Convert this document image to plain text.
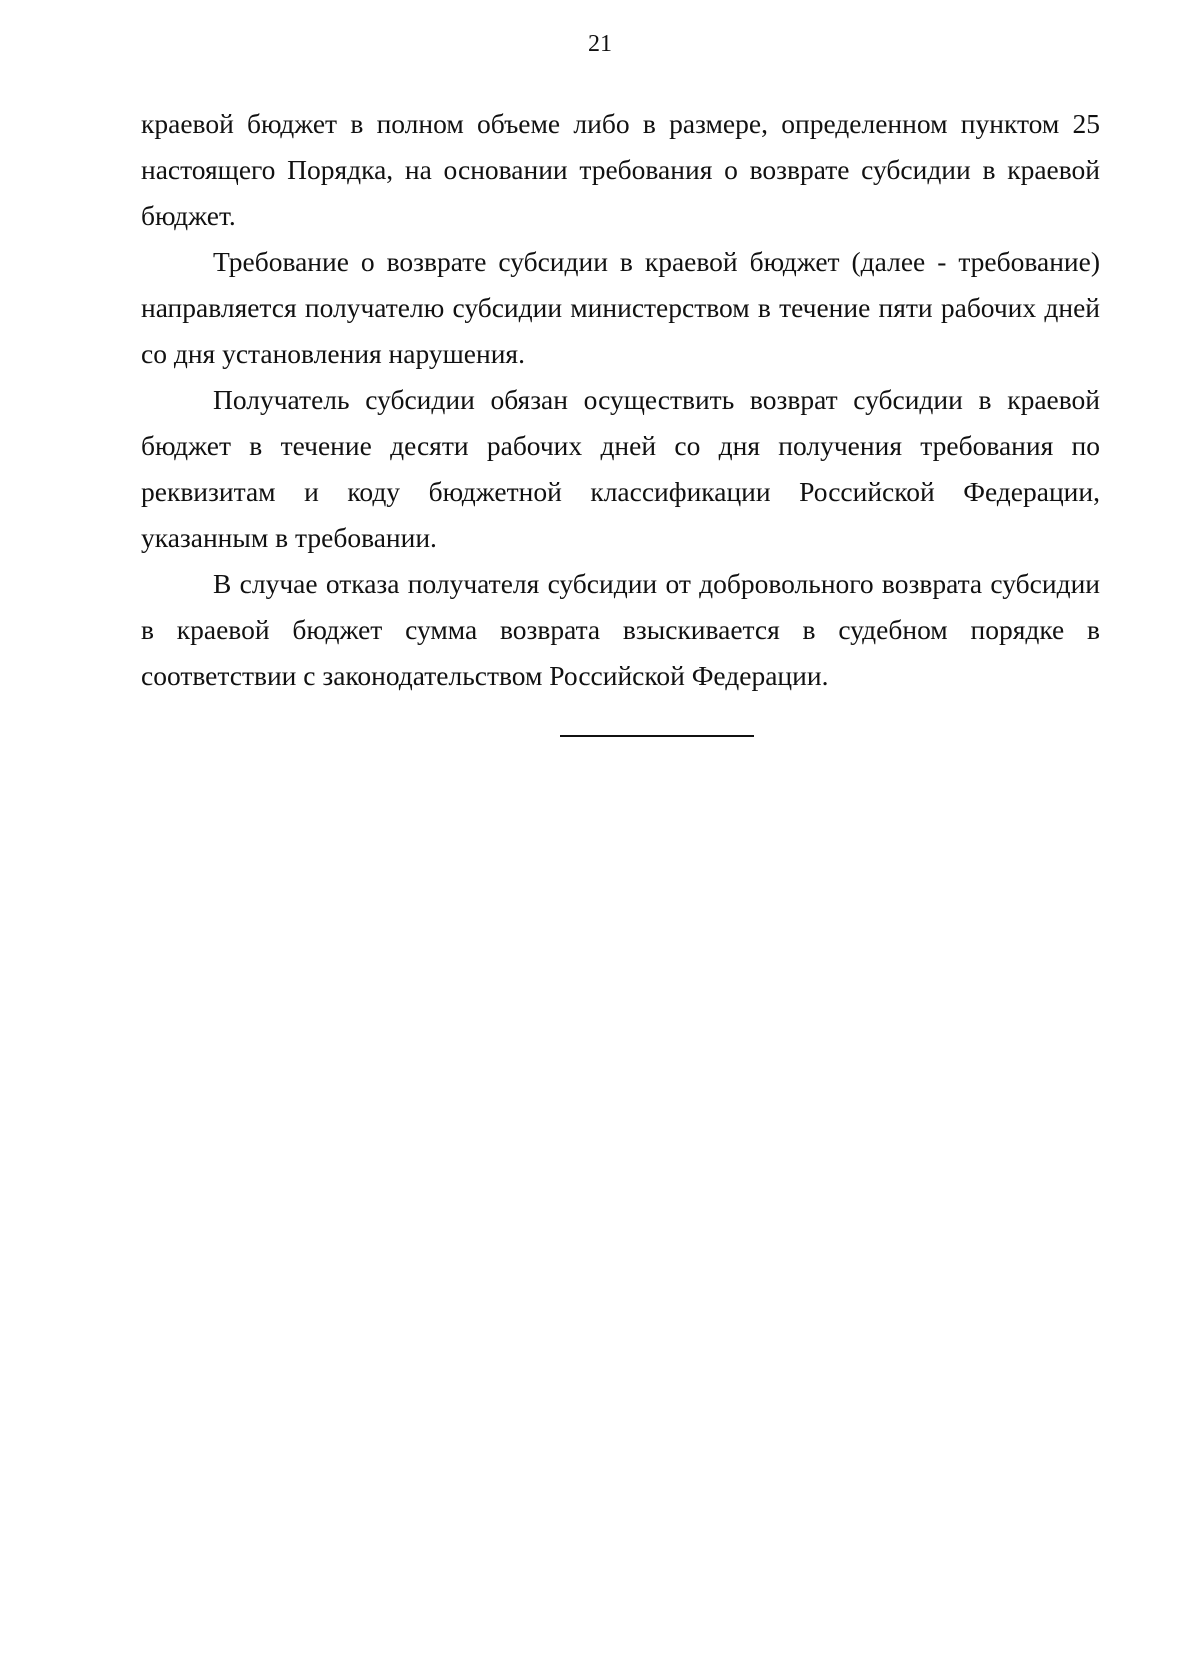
21

краевой бюджет в полном объеме либо в размере, определенном пунктом 25 настоящего Порядка, на основании требования о возврате субсидии в краевой бюджет.

Требование о возврате субсидии в краевой бюджет (далее - требование) направляется получателю субсидии министерством в течение пяти рабочих дней со дня установления нарушения.

Получатель субсидии обязан осуществить возврат субсидии в краевой бюджет в течение десяти рабочих дней со дня получения требования по реквизитам и коду бюджетной классификации Российской Федерации, указанным в требовании.

В случае отказа получателя субсидии от добровольного возврата субсидии в краевой бюджет сумма возврата взыскивается в судебном порядке в соответствии с законодательством Российской Федерации.
